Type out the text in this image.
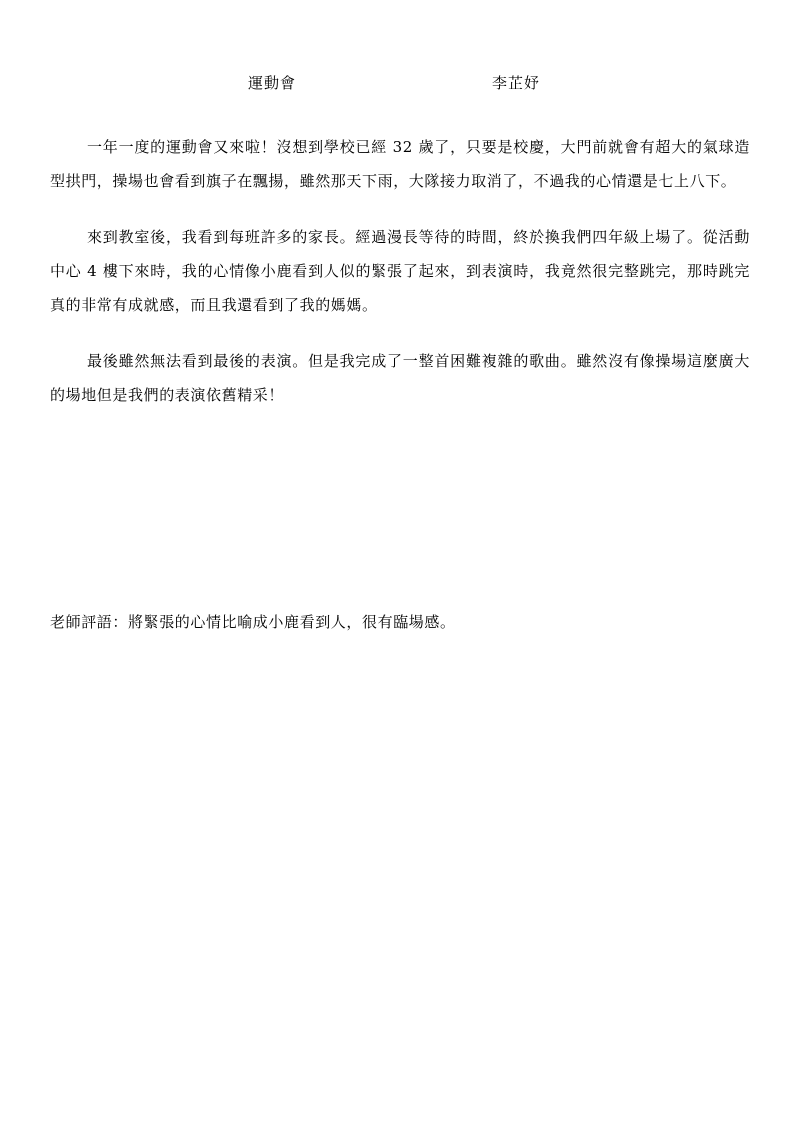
運動會	李芷妤

一年一度的運動會又來啦！沒想到學校已經 32 歲了，只要是校慶，大門前就會有超大的氣球造型拱門，操場也會看到旗子在飄揚，雖然那天下雨，大隊接力取消了，不過我的心情還是七上八下。

來到教室後，我看到每班許多的家長。經過漫長等待的時間，終於換我們四年級上場了。從活動中心 4 樓下來時，我的心情像小鹿看到人似的緊張了起來，到表演時，我竟然很完整跳完，那時跳完真的非常有成就感，而且我還看到了我的媽媽。

最後雖然無法看到最後的表演。但是我完成了一整首困難複雜的歌曲。雖然沒有像操場這麼廣大的場地但是我們的表演依舊精采！

老師評語：將緊張的心情比喻成小鹿看到人，很有臨場感。
